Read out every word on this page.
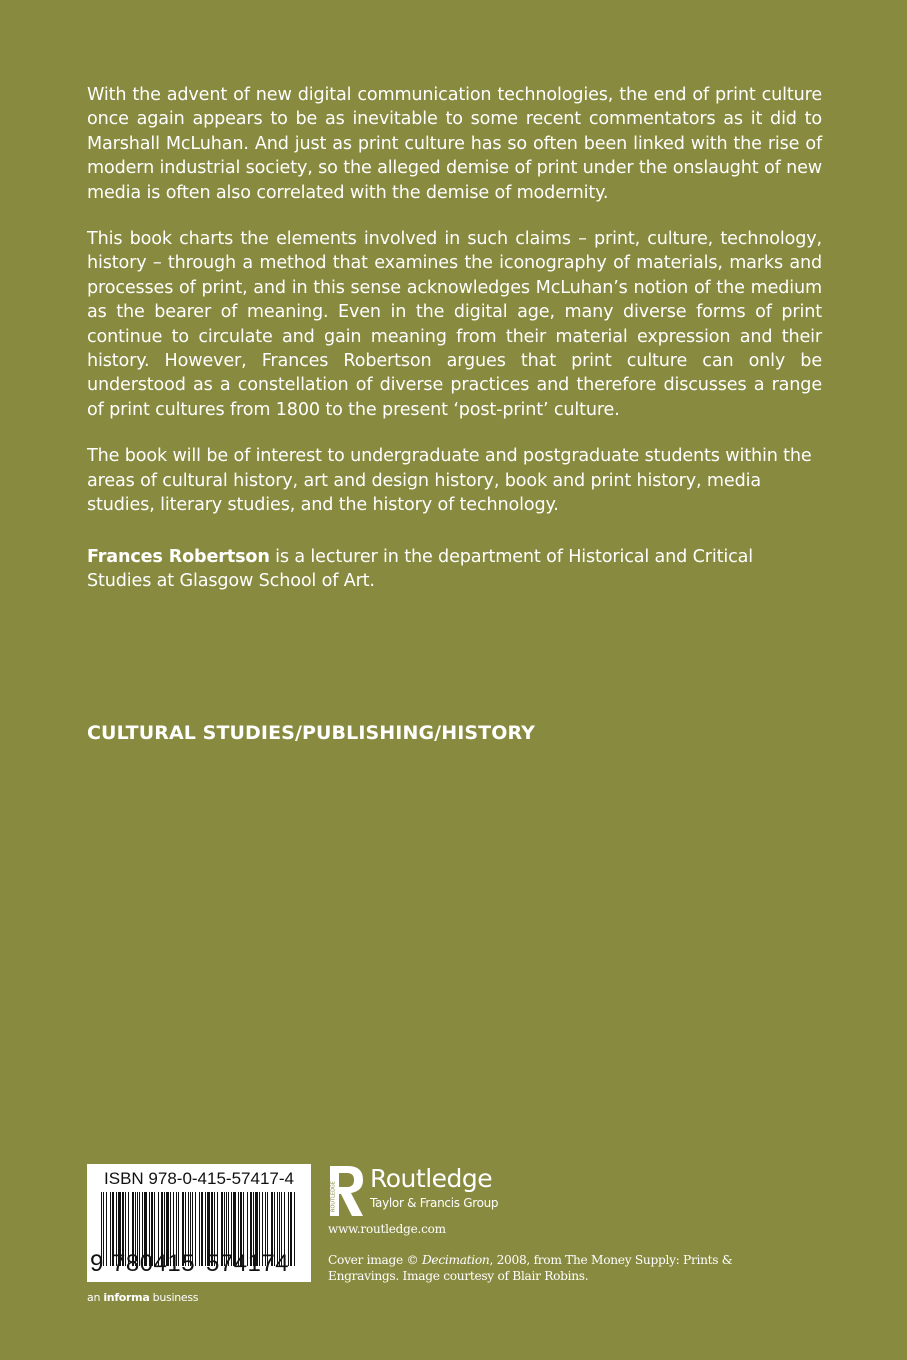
With the advent of new digital communication technologies, the end of print culture once again appears to be as inevitable to some recent commentators as it did to Marshall McLuhan. And just as print culture has so often been linked with the rise of modern industrial society, so the alleged demise of print under the onslaught of new media is often also correlated with the demise of modernity.

This book charts the elements involved in such claims – print, culture, technology, history – through a method that examines the iconography of materials, marks and processes of print, and in this sense acknowledges McLuhan’s notion of the medium as the bearer of meaning. Even in the digital age, many diverse forms of print continue to circulate and gain meaning from their material expression and their history. However, Frances Robertson argues that print culture can only be understood as a constellation of diverse practices and therefore discusses a range of print cultures from 1800 to the present ‘post-print’ culture.

The book will be of interest to undergraduate and postgraduate students within the areas of cultural history, art and design history, book and print history, media studies, literary studies, and the history of technology.

Frances Robertson is a lecturer in the department of Historical and Critical Studies at Glasgow School of Art.

CULTURAL STUDIES/PUBLISHING/HISTORY
ISBN 978-0-415-57417-4
9 780415 574174
ROUTLEDGE
Routledge
Taylor & Francis Group
www.routledge.com
Cover image © Decimation, 2008, from The Money Supply: Prints & Engravings. Image courtesy of Blair Robins.
an informa business
